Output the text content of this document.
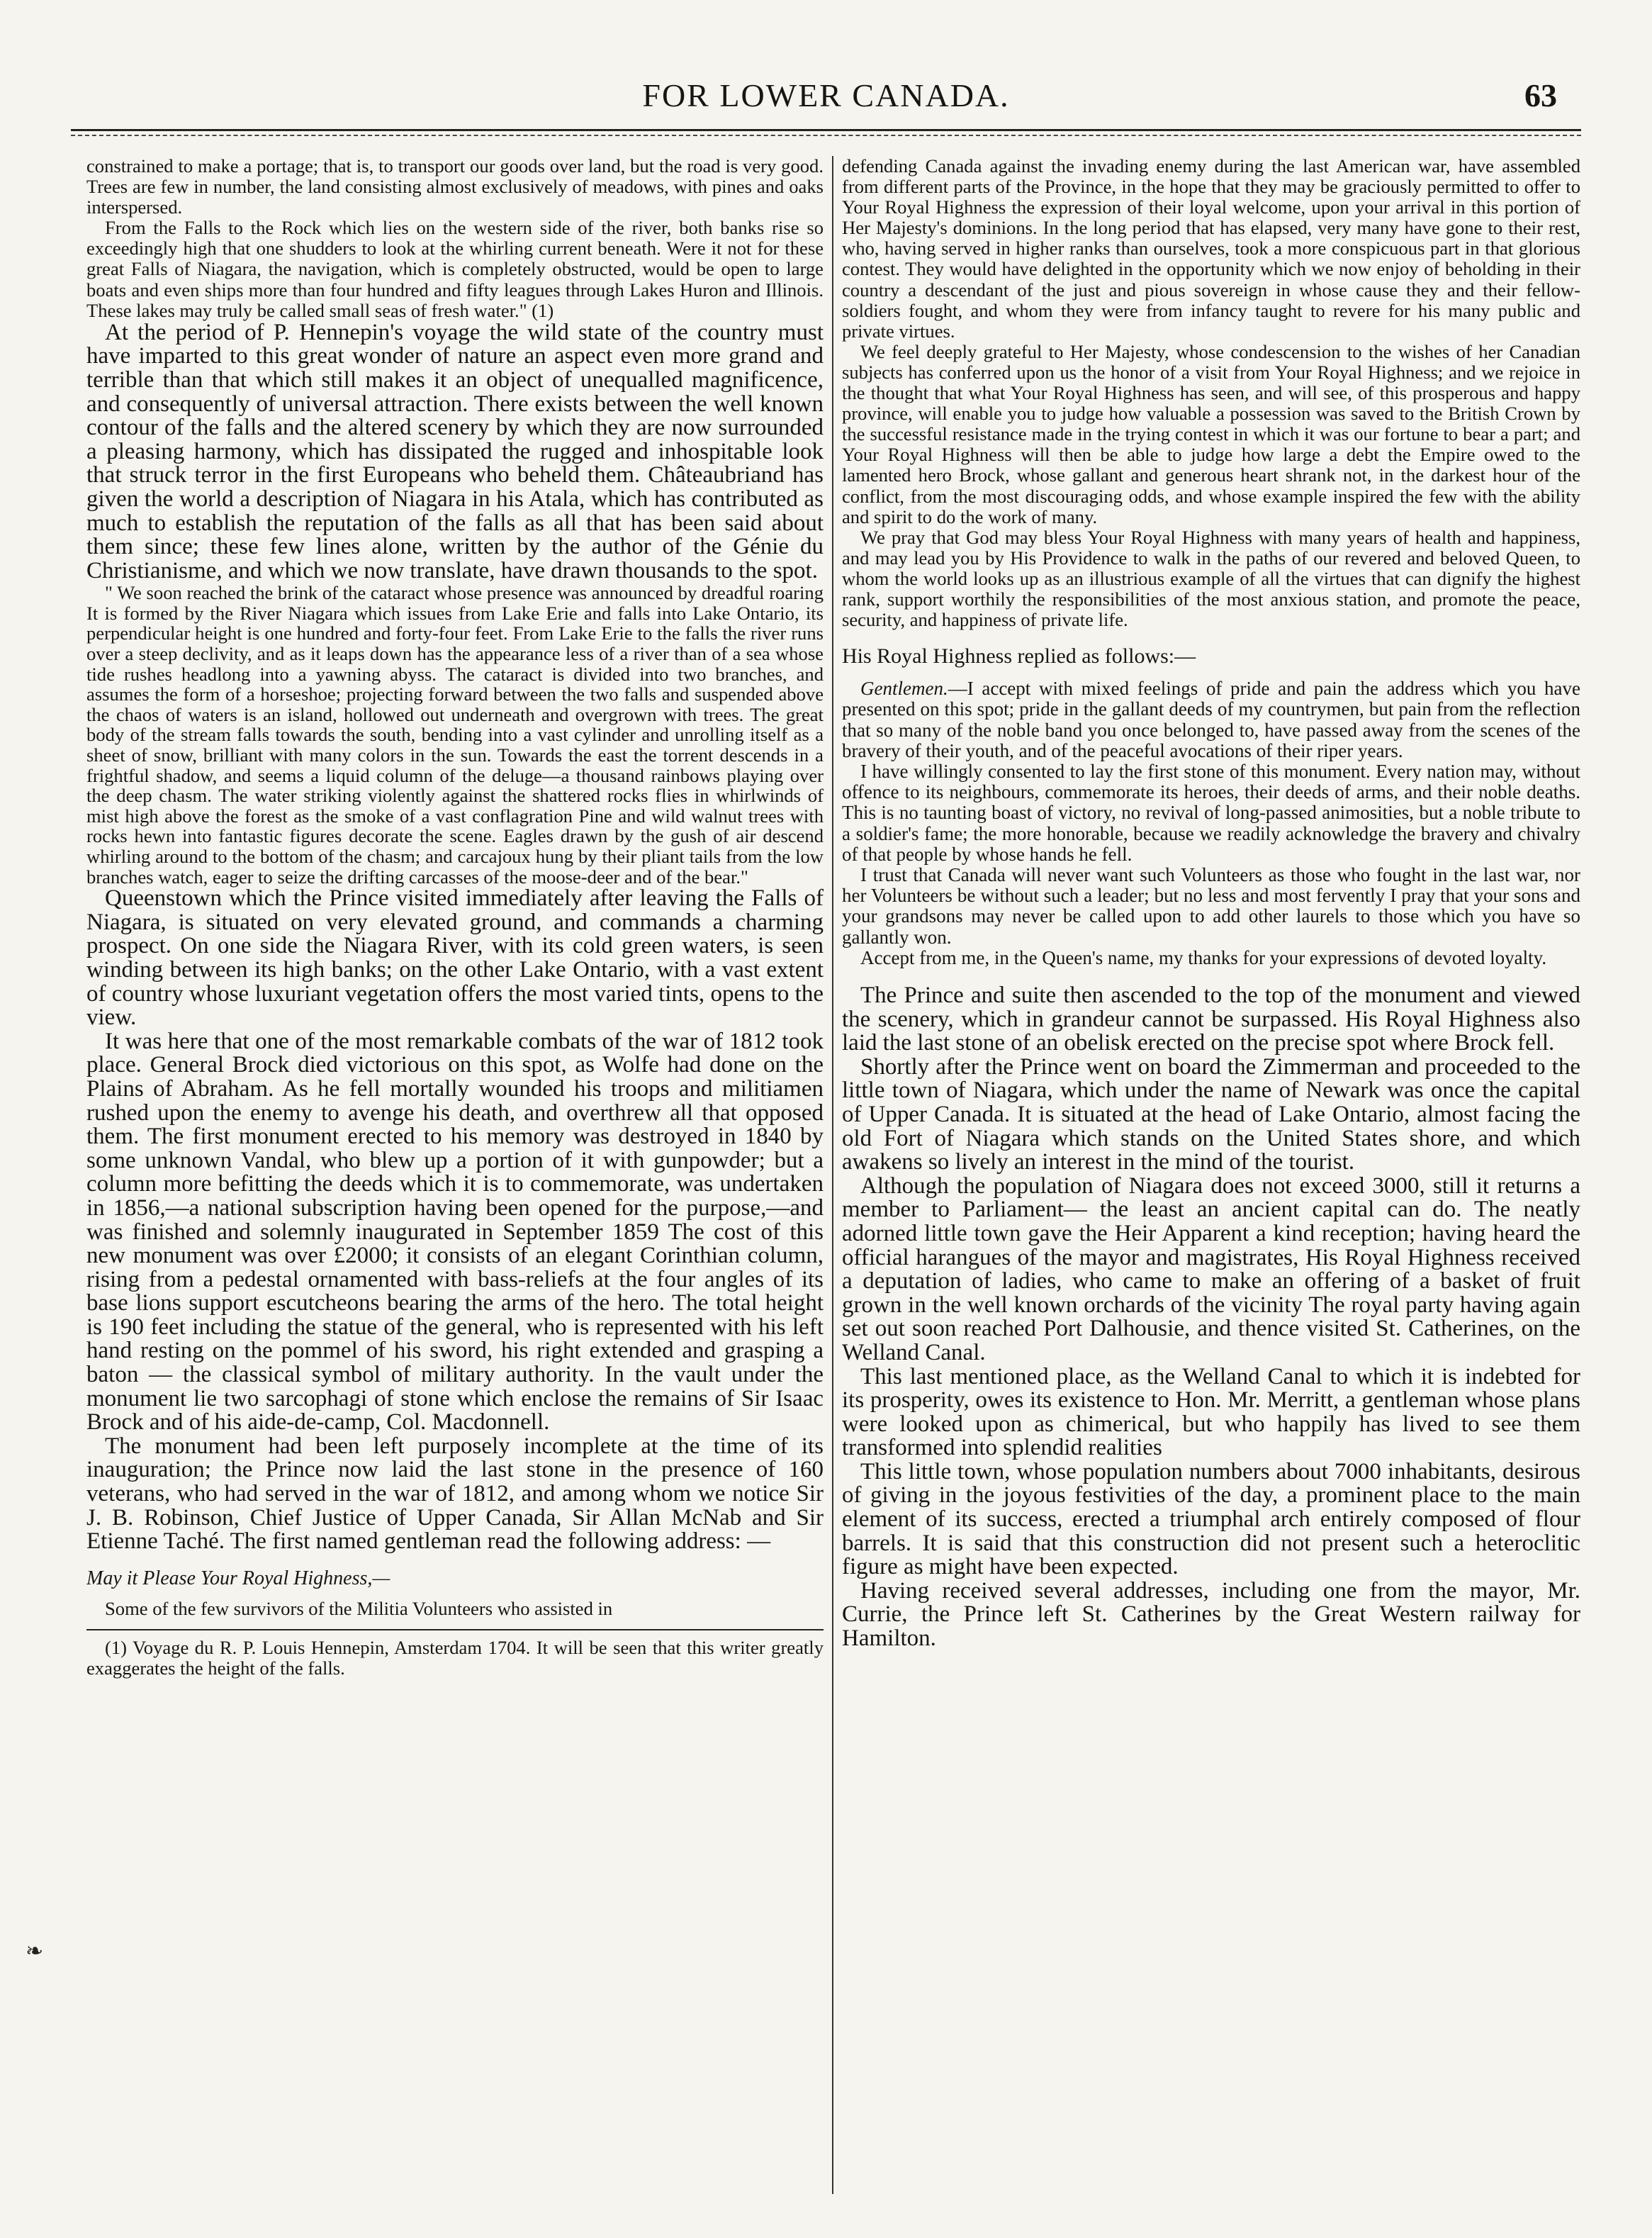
FOR LOWER CANADA.	63

constrained to make a portage; that is, to transport our goods over land, but the road is very good. Trees are few in number, the land consisting almost exclusively of meadows, with pines and oaks interspersed.

From the Falls to the Rock which lies on the western side of the river, both banks rise so exceedingly high that one shudders to look at the whirling current beneath. Were it not for these great Falls of Niagara, the navigation, which is completely obstructed, would be open to large boats and even ships more than four hundred and fifty leagues through Lakes Huron and Illinois. These lakes may truly be called small seas of fresh water." (1)

At the period of P. Hennepin's voyage the wild state of the country must have imparted to this great wonder of nature an aspect even more grand and terrible than that which still makes it an object of unequalled magnificence, and consequently of universal attraction. There exists between the well known contour of the falls and the altered scenery by which they are now surrounded a pleasing harmony, which has dissipated the rugged and inhospitable look that struck terror in the first Europeans who beheld them. Châteaubriand has given the world a description of Niagara in his Atala, which has contributed as much to establish the reputation of the falls as all that has been said about them since; these few lines alone, written by the author of the Génie du Christianisme, and which we now translate, have drawn thousands to the spot.

" We soon reached the brink of the cataract whose presence was announced by dreadful roaring It is formed by the River Niagara which issues from Lake Erie and falls into Lake Ontario, its perpendicular height is one hundred and forty-four feet. From Lake Erie to the falls the river runs over a steep declivity, and as it leaps down has the appearance less of a river than of a sea whose tide rushes headlong into a yawning abyss. The cataract is divided into two branches, and assumes the form of a horseshoe; projecting forward between the two falls and suspended above the chaos of waters is an island, hollowed out underneath and overgrown with trees. The great body of the stream falls towards the south, bending into a vast cylinder and unrolling itself as a sheet of snow, brilliant with many colors in the sun. Towards the east the torrent descends in a frightful shadow, and seems a liquid column of the deluge—a thousand rainbows playing over the deep chasm. The water striking violently against the shattered rocks flies in whirlwinds of mist high above the forest as the smoke of a vast conflagration Pine and wild walnut trees with rocks hewn into fantastic figures decorate the scene. Eagles drawn by the gush of air descend whirling around to the bottom of the chasm; and carcajoux hung by their pliant tails from the low branches watch, eager to seize the drifting carcasses of the moose-deer and of the bear."

Queenstown which the Prince visited immediately after leaving the Falls of Niagara, is situated on very elevated ground, and commands a charming prospect. On one side the Niagara River, with its cold green waters, is seen winding between its high banks; on the other Lake Ontario, with a vast extent of country whose luxuriant vegetation offers the most varied tints, opens to the view.

It was here that one of the most remarkable combats of the war of 1812 took place. General Brock died victorious on this spot, as Wolfe had done on the Plains of Abraham. As he fell mortally wounded his troops and militiamen rushed upon the enemy to avenge his death, and overthrew all that opposed them. The first monument erected to his memory was destroyed in 1840 by some unknown Vandal, who blew up a portion of it with gunpowder; but a column more befitting the deeds which it is to commemorate, was undertaken in 1856,—a national subscription having been opened for the purpose,—and was finished and solemnly inaugurated in September 1859 The cost of this new monument was over £2000; it consists of an elegant Corinthian column, rising from a pedestal ornamented with bass-reliefs at the four angles of its base lions support escutcheons bearing the arms of the hero. The total height is 190 feet including the statue of the general, who is represented with his left hand resting on the pommel of his sword, his right extended and grasping a baton — the classical symbol of military authority. In the vault under the monument lie two sarcophagi of stone which enclose the remains of Sir Isaac Brock and of his aide-de-camp, Col. Macdonnell.

The monument had been left purposely incomplete at the time of its inauguration; the Prince now laid the last stone in the presence of 160 veterans, who had served in the war of 1812, and among whom we notice Sir J. B. Robinson, Chief Justice of Upper Canada, Sir Allan McNab and Sir Etienne Taché. The first named gentleman read the following address: —

May it Please Your Royal Highness,—

Some of the few survivors of the Militia Volunteers who assisted in

(1) Voyage du R. P. Louis Hennepin, Amsterdam 1704. It will be seen that this writer greatly exaggerates the height of the falls.

defending Canada against the invading enemy during the last American war, have assembled from different parts of the Province, in the hope that they may be graciously permitted to offer to Your Royal Highness the expression of their loyal welcome, upon your arrival in this portion of Her Majesty's dominions. In the long period that has elapsed, very many have gone to their rest, who, having served in higher ranks than ourselves, took a more conspicuous part in that glorious contest. They would have delighted in the opportunity which we now enjoy of beholding in their country a descendant of the just and pious sovereign in whose cause they and their fellow-soldiers fought, and whom they were from infancy taught to revere for his many public and private virtues.

We feel deeply grateful to Her Majesty, whose condescension to the wishes of her Canadian subjects has conferred upon us the honor of a visit from Your Royal Highness; and we rejoice in the thought that what Your Royal Highness has seen, and will see, of this prosperous and happy province, will enable you to judge how valuable a possession was saved to the British Crown by the successful resistance made in the trying contest in which it was our fortune to bear a part; and Your Royal Highness will then be able to judge how large a debt the Empire owed to the lamented hero Brock, whose gallant and generous heart shrank not, in the darkest hour of the conflict, from the most discouraging odds, and whose example inspired the few with the ability and spirit to do the work of many.

We pray that God may bless Your Royal Highness with many years of health and happiness, and may lead you by His Providence to walk in the paths of our revered and beloved Queen, to whom the world looks up as an illustrious example of all the virtues that can dignify the highest rank, support worthily the responsibilities of the most anxious station, and promote the peace, security, and happiness of private life.

His Royal Highness replied as follows:—

Gentlemen.—I accept with mixed feelings of pride and pain the address which you have presented on this spot; pride in the gallant deeds of my countrymen, but pain from the reflection that so many of the noble band you once belonged to, have passed away from the scenes of the bravery of their youth, and of the peaceful avocations of their riper years.

I have willingly consented to lay the first stone of this monument. Every nation may, without offence to its neighbours, commemorate its heroes, their deeds of arms, and their noble deaths. This is no taunting boast of victory, no revival of long-passed animosities, but a noble tribute to a soldier's fame; the more honorable, because we readily acknowledge the bravery and chivalry of that people by whose hands he fell.

I trust that Canada will never want such Volunteers as those who fought in the last war, nor her Volunteers be without such a leader; but no less and most fervently I pray that your sons and your grandsons may never be called upon to add other laurels to those which you have so gallantly won.

Accept from me, in the Queen's name, my thanks for your expressions of devoted loyalty.

The Prince and suite then ascended to the top of the monument and viewed the scenery, which in grandeur cannot be surpassed. His Royal Highness also laid the last stone of an obelisk erected on the precise spot where Brock fell.

Shortly after the Prince went on board the Zimmerman and proceeded to the little town of Niagara, which under the name of Newark was once the capital of Upper Canada. It is situated at the head of Lake Ontario, almost facing the old Fort of Niagara which stands on the United States shore, and which awakens so lively an interest in the mind of the tourist.

Although the population of Niagara does not exceed 3000, still it returns a member to Parliament— the least an ancient capital can do. The neatly adorned little town gave the Heir Apparent a kind reception; having heard the official harangues of the mayor and magistrates, His Royal Highness received a deputation of ladies, who came to make an offering of a basket of fruit grown in the well known orchards of the vicinity The royal party having again set out soon reached Port Dalhousie, and thence visited St. Catherines, on the Welland Canal.

This last mentioned place, as the Welland Canal to which it is indebted for its prosperity, owes its existence to Hon. Mr. Merritt, a gentleman whose plans were looked upon as chimerical, but who happily has lived to see them transformed into splendid realities

This little town, whose population numbers about 7000 inhabitants, desirous of giving in the joyous festivities of the day, a prominent place to the main element of its success, erected a triumphal arch entirely composed of flour barrels. It is said that this construction did not present such a heteroclitic figure as might have been expected.

Having received several addresses, including one from the mayor, Mr. Currie, the Prince left St. Catherines by the Great Western railway for Hamilton.

❧
